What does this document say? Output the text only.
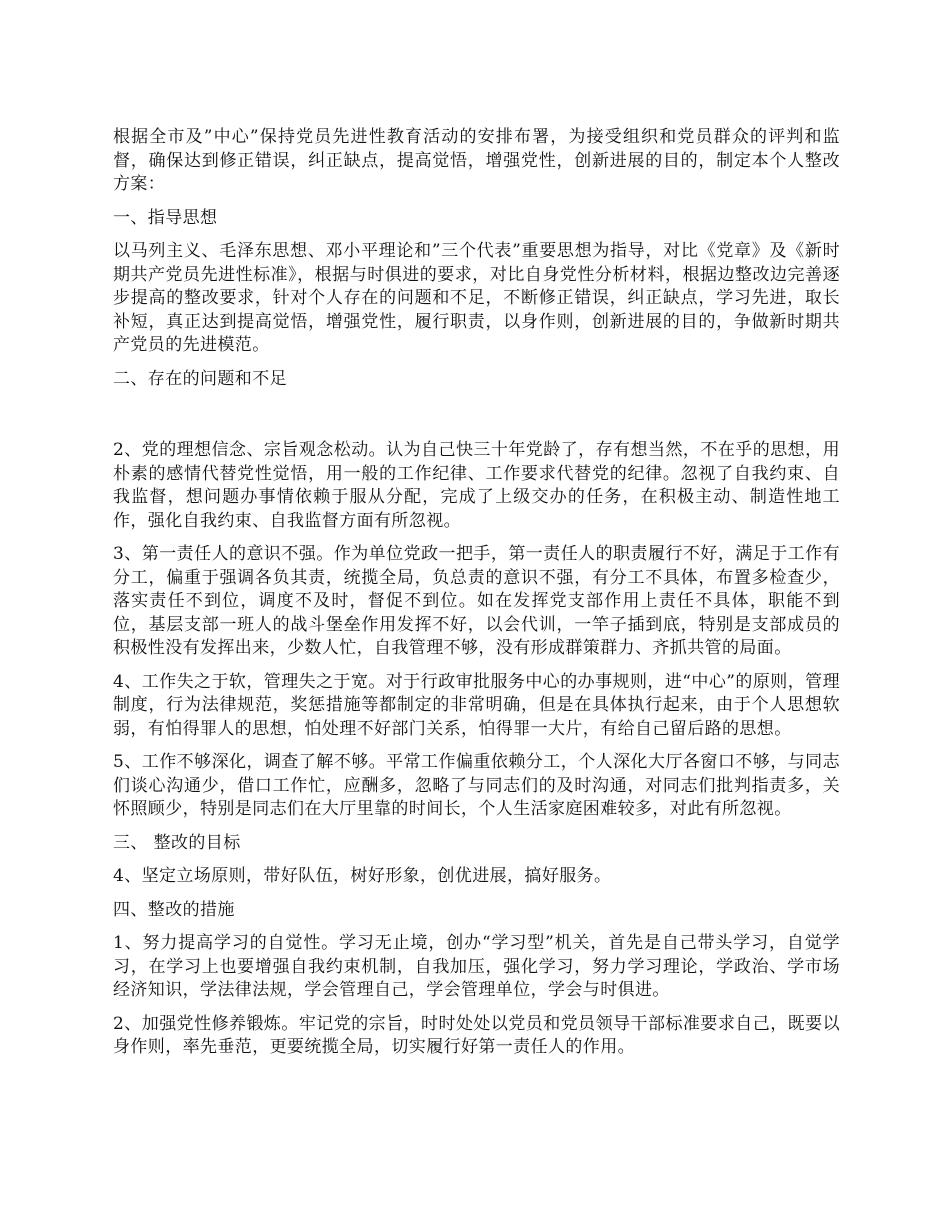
根据全市及”中心”保持党员先进性教育活动的安排布署，为接受组织和党员群众的评判和监督，确保达到修正错误，纠正缺点，提高觉悟，增强党性，创新进展的目的，制定本个人整改方案：

一、指导思想

以马列主义、毛泽东思想、邓小平理论和”三个代表”重要思想为指导，对比《党章》及《新时期共产党员先进性标准》，根据与时俱进的要求，对比自身党性分析材料，根据边整改边完善逐步提高的整改要求，针对个人存在的问题和不足，不断修正错误，纠正缺点，学习先进，取长补短，真正达到提高觉悟，增强党性，履行职责，以身作则，创新进展的目的，争做新时期共产党员的先进模范。

二、存在的问题和不足

2、党的理想信念、宗旨观念松动。认为自己快三十年党龄了，存有想当然，不在乎的思想，用朴素的感情代替党性觉悟，用一般的工作纪律、工作要求代替党的纪律。忽视了自我约束、自我监督，想问题办事情依赖于服从分配，完成了上级交办的任务，在积极主动、制造性地工作，强化自我约束、自我监督方面有所忽视。

3、第一责任人的意识不强。作为单位党政一把手，第一责任人的职责履行不好，满足于工作有分工，偏重于强调各负其责，统揽全局，负总责的意识不强，有分工不具体，布置多检查少，落实责任不到位，调度不及时，督促不到位。如在发挥党支部作用上责任不具体，职能不到位，基层支部一班人的战斗堡垒作用发挥不好，以会代训，一竿子插到底，特别是支部成员的积极性没有发挥出来，少数人忙，自我管理不够，没有形成群策群力、齐抓共管的局面。

4、工作失之于软，管理失之于宽。对于行政审批服务中心的办事规则，进“中心”的原则，管理制度，行为法律规范，奖惩措施等都制定的非常明确，但是在具体执行起来，由于个人思想软弱，有怕得罪人的思想，怕处理不好部门关系，怕得罪一大片，有给自己留后路的思想。

5、工作不够深化，调查了解不够。平常工作偏重依赖分工，个人深化大厅各窗口不够，与同志们谈心沟通少，借口工作忙，应酬多，忽略了与同志们的及时沟通，对同志们批判指责多，关怀照顾少，特别是同志们在大厅里靠的时间长，个人生活家庭困难较多，对此有所忽视。

三、 整改的目标

4、坚定立场原则，带好队伍，树好形象，创优进展，搞好服务。

四、整改的措施

1、努力提高学习的自觉性。学习无止境，创办“学习型”机关，首先是自己带头学习，自觉学习，在学习上也要增强自我约束机制，自我加压，强化学习，努力学习理论，学政治、学市场经济知识，学法律法规，学会管理自己，学会管理单位，学会与时俱进。

2、加强党性修养锻炼。牢记党的宗旨，时时处处以党员和党员领导干部标准要求自己，既要以身作则，率先垂范，更要统揽全局，切实履行好第一责任人的作用。
